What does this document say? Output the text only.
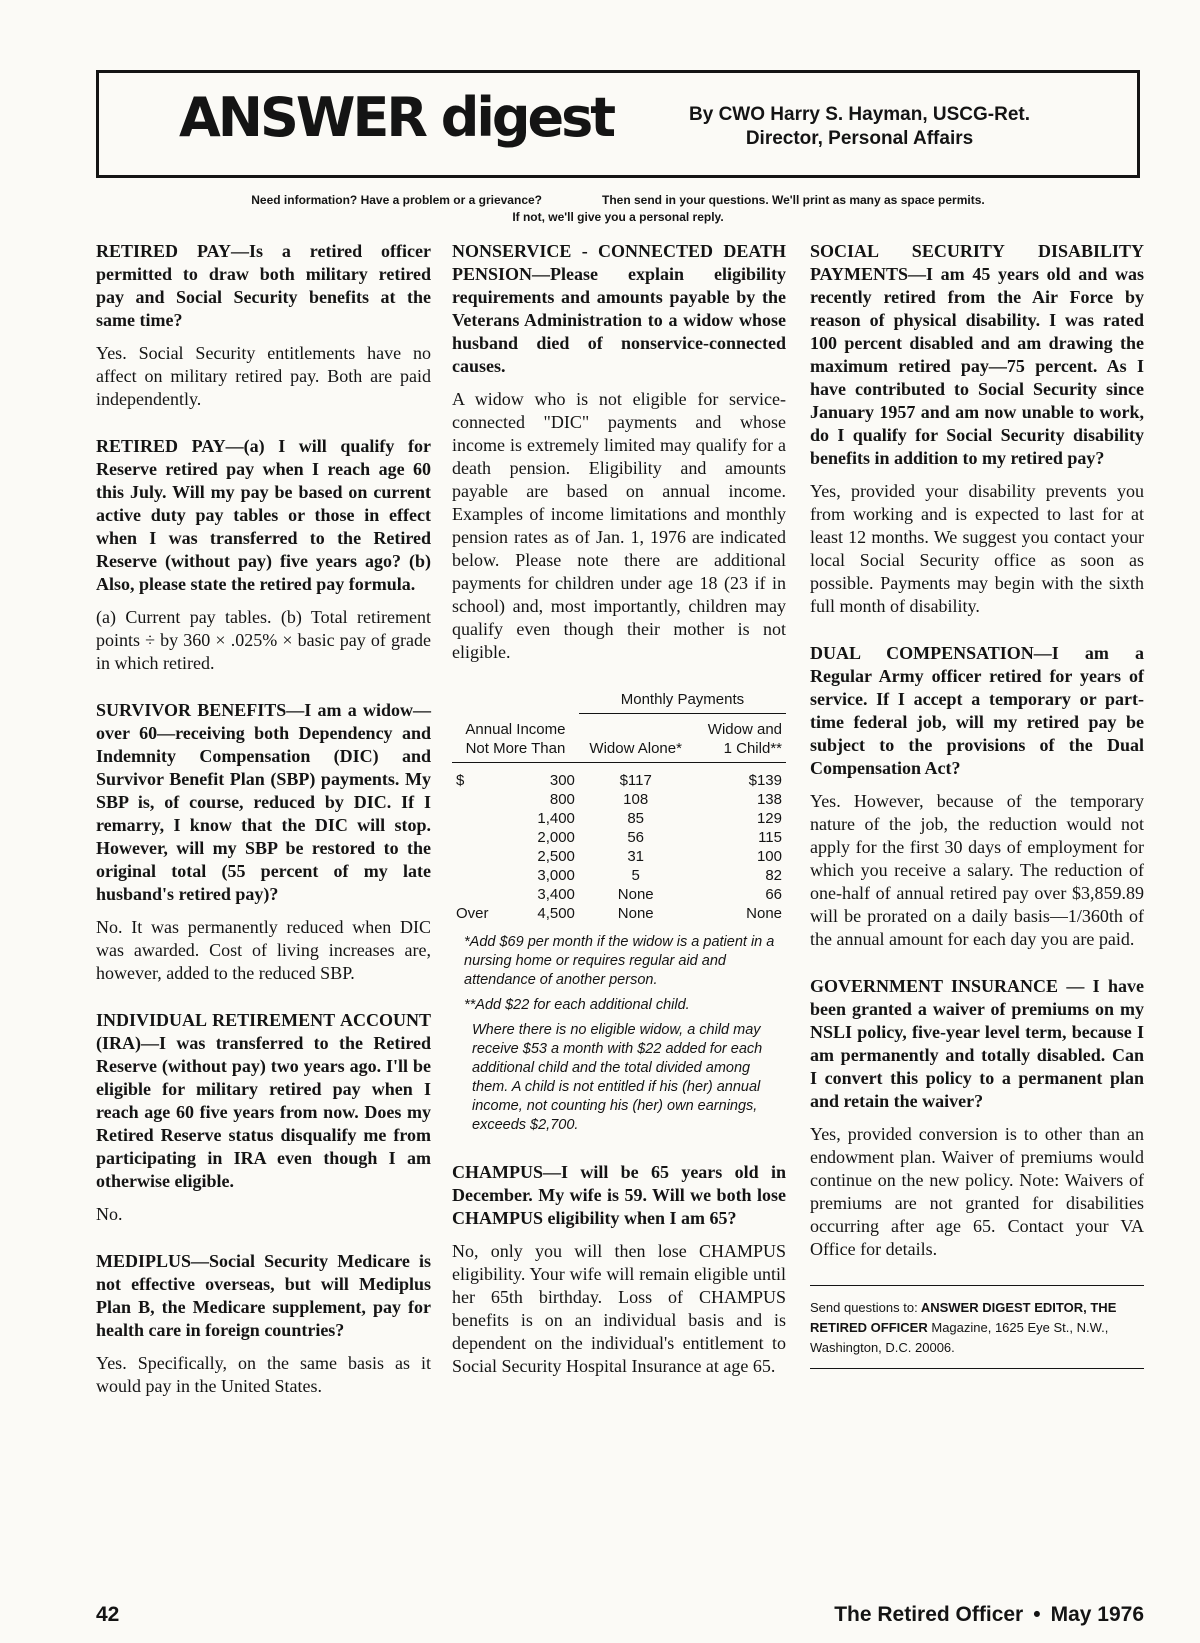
ANSWER digest	By CWO Harry S. Hayman, USCG-Ret.
Director, Personal Affairs
Need information? Have a problem or a grievance?	Then send in your questions. We'll print as many as space permits.
If not, we'll give you a personal reply.

RETIRED PAY—Is a retired officer permitted to draw both military retired pay and Social Security benefits at the same time?

Yes. Social Security entitlements have no affect on military retired pay. Both are paid independently.

RETIRED PAY—(a) I will qualify for Reserve retired pay when I reach age 60 this July. Will my pay be based on current active duty pay tables or those in effect when I was transferred to the Retired Reserve (without pay) five years ago? (b) Also, please state the retired pay formula.

(a) Current pay tables. (b) Total retirement points ÷ by 360 × .025% × basic pay of grade in which retired.

SURVIVOR BENEFITS—I am a widow—over 60—receiving both Dependency and Indemnity Compensation (DIC) and Survivor Benefit Plan (SBP) payments. My SBP is, of course, reduced by DIC. If I remarry, I know that the DIC will stop. However, will my SBP be restored to the original total (55 percent of my late husband's retired pay)?

No. It was permanently reduced when DIC was awarded. Cost of living increases are, however, added to the reduced SBP.

INDIVIDUAL RETIREMENT ACCOUNT (IRA)—I was transferred to the Retired Reserve (without pay) two years ago. I'll be eligible for military retired pay when I reach age 60 five years from now. Does my Retired Reserve status disqualify me from participating in IRA even though I am otherwise eligible.

No.

MEDIPLUS—Social Security Medicare is not effective overseas, but will Mediplus Plan B, the Medicare supplement, pay for health care in foreign countries?

Yes. Specifically, on the same basis as it would pay in the United States.

NONSERVICE - CONNECTED DEATH PENSION—Please explain eligibility requirements and amounts payable by the Veterans Administration to a widow whose husband died of nonservice-connected causes.

A widow who is not eligible for service-connected "DIC" payments and whose income is extremely limited may qualify for a death pension. Eligibility and amounts payable are based on annual income. Examples of income limitations and monthly pension rates as of Jan. 1, 1976 are indicated below. Please note there are additional payments for children under age 18 (23 if in school) and, most importantly, children may qualify even though their mother is not eligible.

	Monthly Payments	
Annual Income Not More Than	Widow Alone*	Widow and 1 Child**

$ 300	$117	$139

800	108	138

1,400	85	129

2,000	56	115

2,500	31	100

3,000	5	82

3,400	None	66

Over 4,500	None	None

*Add $69 per month if the widow is a patient in a nursing home or requires regular aid and attendance of another person.

**Add $22 for each additional child.

Where there is no eligible widow, a child may receive $53 a month with $22 added for each additional child and the total divided among them. A child is not entitled if his (her) annual income, not counting his (her) own earnings, exceeds $2,700.

CHAMPUS—I will be 65 years old in December. My wife is 59. Will we both lose CHAMPUS eligibility when I am 65?

No, only you will then lose CHAMPUS eligibility. Your wife will remain eligible until her 65th birthday. Loss of CHAMPUS benefits is on an individual basis and is dependent on the individual's entitlement to Social Security Hospital Insurance at age 65.

SOCIAL SECURITY DISABILITY PAYMENTS—I am 45 years old and was recently retired from the Air Force by reason of physical disability. I was rated 100 percent disabled and am drawing the maximum retired pay—75 percent. As I have contributed to Social Security since January 1957 and am now unable to work, do I qualify for Social Security disability benefits in addition to my retired pay?

Yes, provided your disability prevents you from working and is expected to last for at least 12 months. We suggest you contact your local Social Security office as soon as possible. Payments may begin with the sixth full month of disability.

DUAL COMPENSATION—I am a Regular Army officer retired for years of service. If I accept a temporary or part-time federal job, will my retired pay be subject to the provisions of the Dual Compensation Act?

Yes. However, because of the temporary nature of the job, the reduction would not apply for the first 30 days of employment for which you receive a salary. The reduction of one-half of annual retired pay over $3,859.89 will be prorated on a daily basis—1/360th of the annual amount for each day you are paid.

GOVERNMENT INSURANCE — I have been granted a waiver of premiums on my NSLI policy, five-year level term, because I am permanently and totally disabled. Can I convert this policy to a permanent plan and retain the waiver?

Yes, provided conversion is to other than an endowment plan. Waiver of premiums would continue on the new policy. Note: Waivers of premiums are not granted for disabilities occurring after age 65. Contact your VA Office for details.

Send questions to: ANSWER DIGEST EDITOR, THE RETIRED OFFICER Magazine, 1625 Eye St., N.W., Washington, D.C. 20006.
42	The Retired Officer • May 1976
